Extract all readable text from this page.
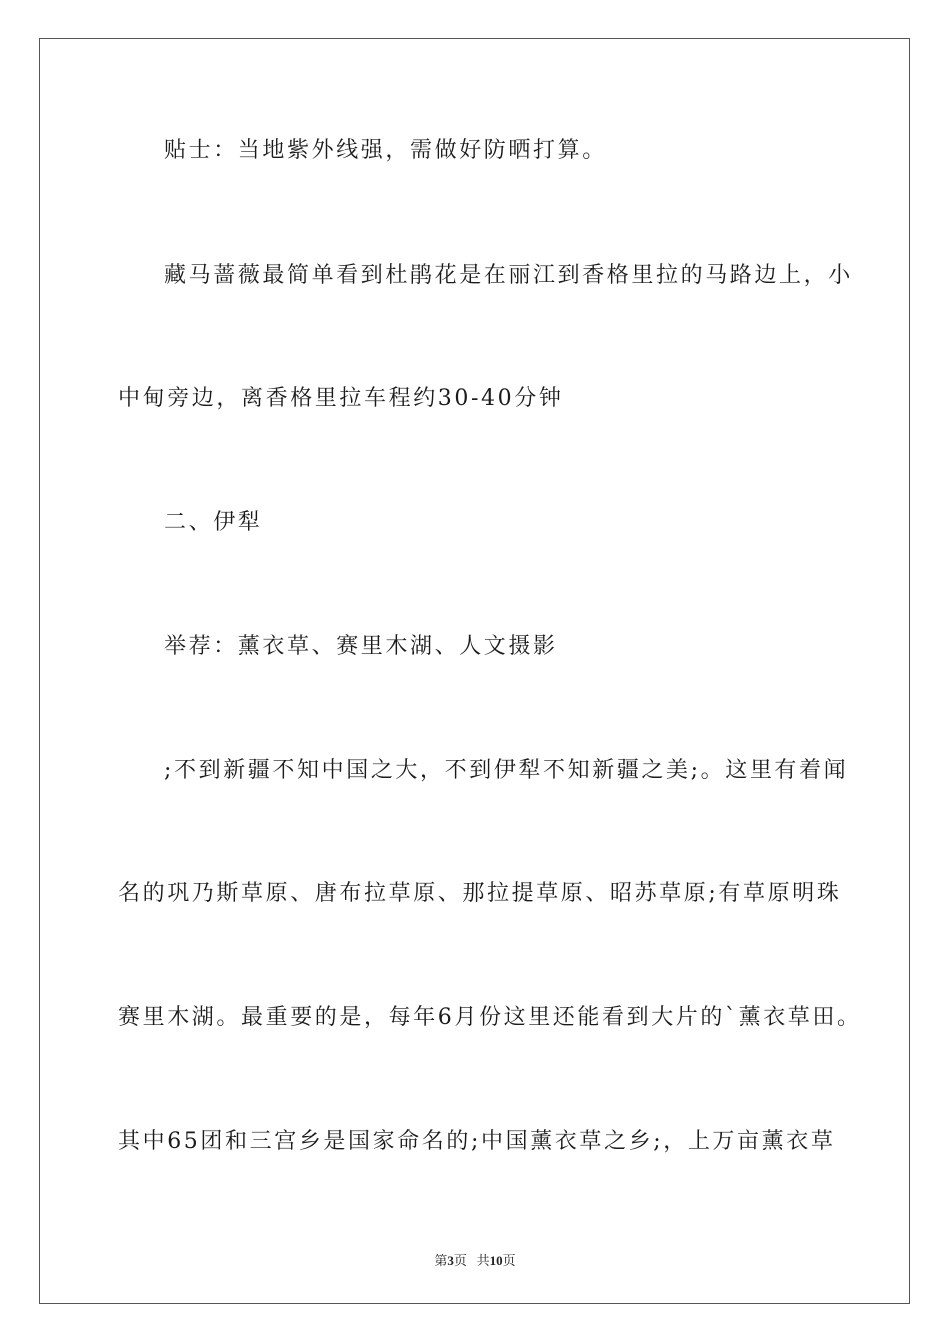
贴士：当地紫外线强，需做好防晒打算。
藏马蔷薇最简单看到杜鹃花是在丽江到香格里拉的马路边上，小
中甸旁边，离香格里拉车程约30-40分钟
二、伊犁
举荐：薰衣草、赛里木湖、人文摄影
;不到新疆不知中国之大，不到伊犁不知新疆之美;。这里有着闻
名的巩乃斯草原、唐布拉草原、那拉提草原、昭苏草原;有草原明珠
赛里木湖。最重要的是，每年6月份这里还能看到大片的`薰衣草田。
其中65团和三宫乡是国家命名的;中国薰衣草之乡;，上万亩薰衣草
第3页 共10页
